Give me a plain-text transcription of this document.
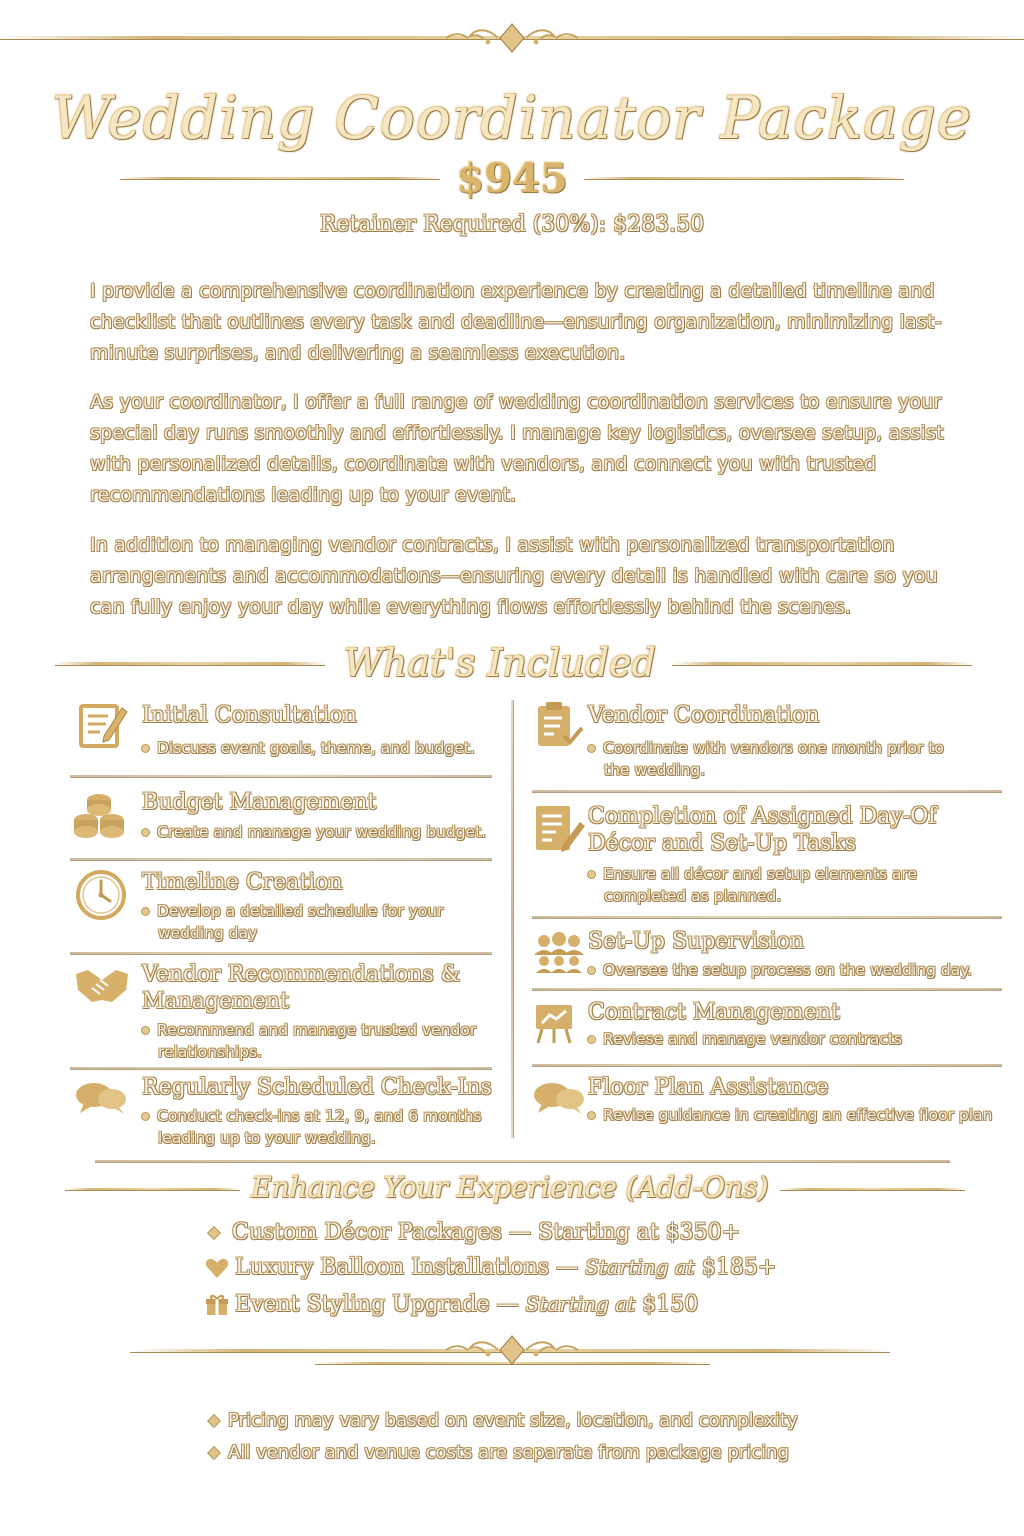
Wedding Coordinator Package
$945
Retainer Required (30%): $283.50

I provide a comprehensive coordination experience by creating a detailed timeline and checklist that outlines every task and deadline—ensuring organization, minimizing last-minute surprises, and delivering a seamless execution.

As your coordinator, I offer a full range of wedding coordination services to ensure your special day runs smoothly and effortlessly. I manage key logistics, oversee setup, assist with personalized details, coordinate with vendors, and connect you with trusted recommendations leading up to your event.

In addition to managing vendor contracts, I assist with personalized transportation arrangements and accommodations—ensuring every detail is handled with care so you can fully enjoy your day while everything flows effortlessly behind the scenes.

What's Included
Initial Consultation
Discuss event goals, theme, and budget.
Budget Management
Create and manage your wedding budget.
Timeline Creation
Develop a detailed schedule for your wedding day
Vendor Recommendations & Management
Recommend and manage trusted vendor relationships.
Regularly Scheduled Check-Ins
Conduct check-ins at 12, 9, and 6 months leading up to your wedding.
Vendor Coordination
Coordinate with vendors one month prior to the wedding.
Completion of Assigned Day-Of Décor and Set-Up Tasks
Ensure all décor and setup elements are completed as planned.
Set-Up Supervision
Oversee the setup process on the wedding day.
Contract Management
Reviese and manage vendor contracts
Floor Plan Assistance
Revise guidance in creating an effective floor plan
Enhance Your Experience (Add-Ons)
Custom Décor Packages — Starting at $350+
Luxury Balloon Installations — Starting at $185+
Event Styling Upgrade — Starting at $150
Pricing may vary based on event size, location, and complexity
All vendor and venue costs are separate from package pricing
